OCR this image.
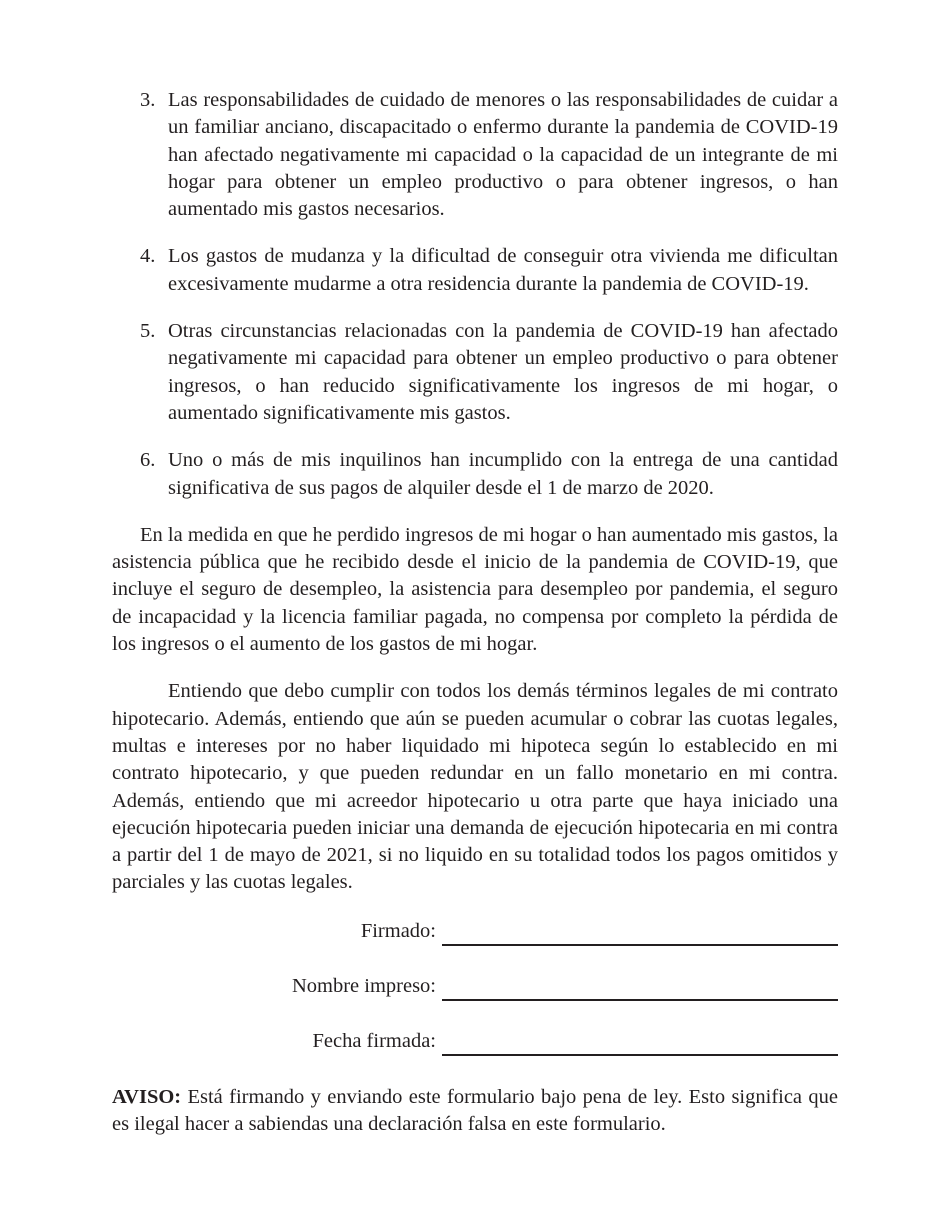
3. Las responsabilidades de cuidado de menores o las responsabilidades de cuidar a un familiar anciano, discapacitado o enfermo durante la pandemia de COVID-19 han afectado negativamente mi capacidad o la capacidad de un integrante de mi hogar para obtener un empleo productivo o para obtener ingresos, o han aumentado mis gastos necesarios.
4. Los gastos de mudanza y la dificultad de conseguir otra vivienda me dificultan excesivamente mudarme a otra residencia durante la pandemia de COVID-19.
5. Otras circunstancias relacionadas con la pandemia de COVID-19 han afectado negativamente mi capacidad para obtener un empleo productivo o para obtener ingresos, o han reducido significativamente los ingresos de mi hogar, o aumentado significativamente mis gastos.
6. Uno o más de mis inquilinos han incumplido con la entrega de una cantidad significativa de sus pagos de alquiler desde el 1 de marzo de 2020.

En la medida en que he perdido ingresos de mi hogar o han aumentado mis gastos, la asistencia pública que he recibido desde el inicio de la pandemia de COVID-19, que incluye el seguro de desempleo, la asistencia para desempleo por pandemia, el seguro de incapacidad y la licencia familiar pagada, no compensa por completo la pérdida de los ingresos o el aumento de los gastos de mi hogar.

Entiendo que debo cumplir con todos los demás términos legales de mi contrato hipotecario. Además, entiendo que aún se pueden acumular o cobrar las cuotas legales, multas e intereses por no haber liquidado mi hipoteca según lo establecido en mi contrato hipotecario, y que pueden redundar en un fallo monetario en mi contra. Además, entiendo que mi acreedor hipotecario u otra parte que haya iniciado una ejecución hipotecaria pueden iniciar una demanda de ejecución hipotecaria en mi contra a partir del 1 de mayo de 2021, si no liquido en su totalidad todos los pagos omitidos y parciales y las cuotas legales.

Firmado:
Nombre impreso:
Fecha firmada:

AVISO: Está firmando y enviando este formulario bajo pena de ley. Esto significa que es ilegal hacer a sabiendas una declaración falsa en este formulario.
